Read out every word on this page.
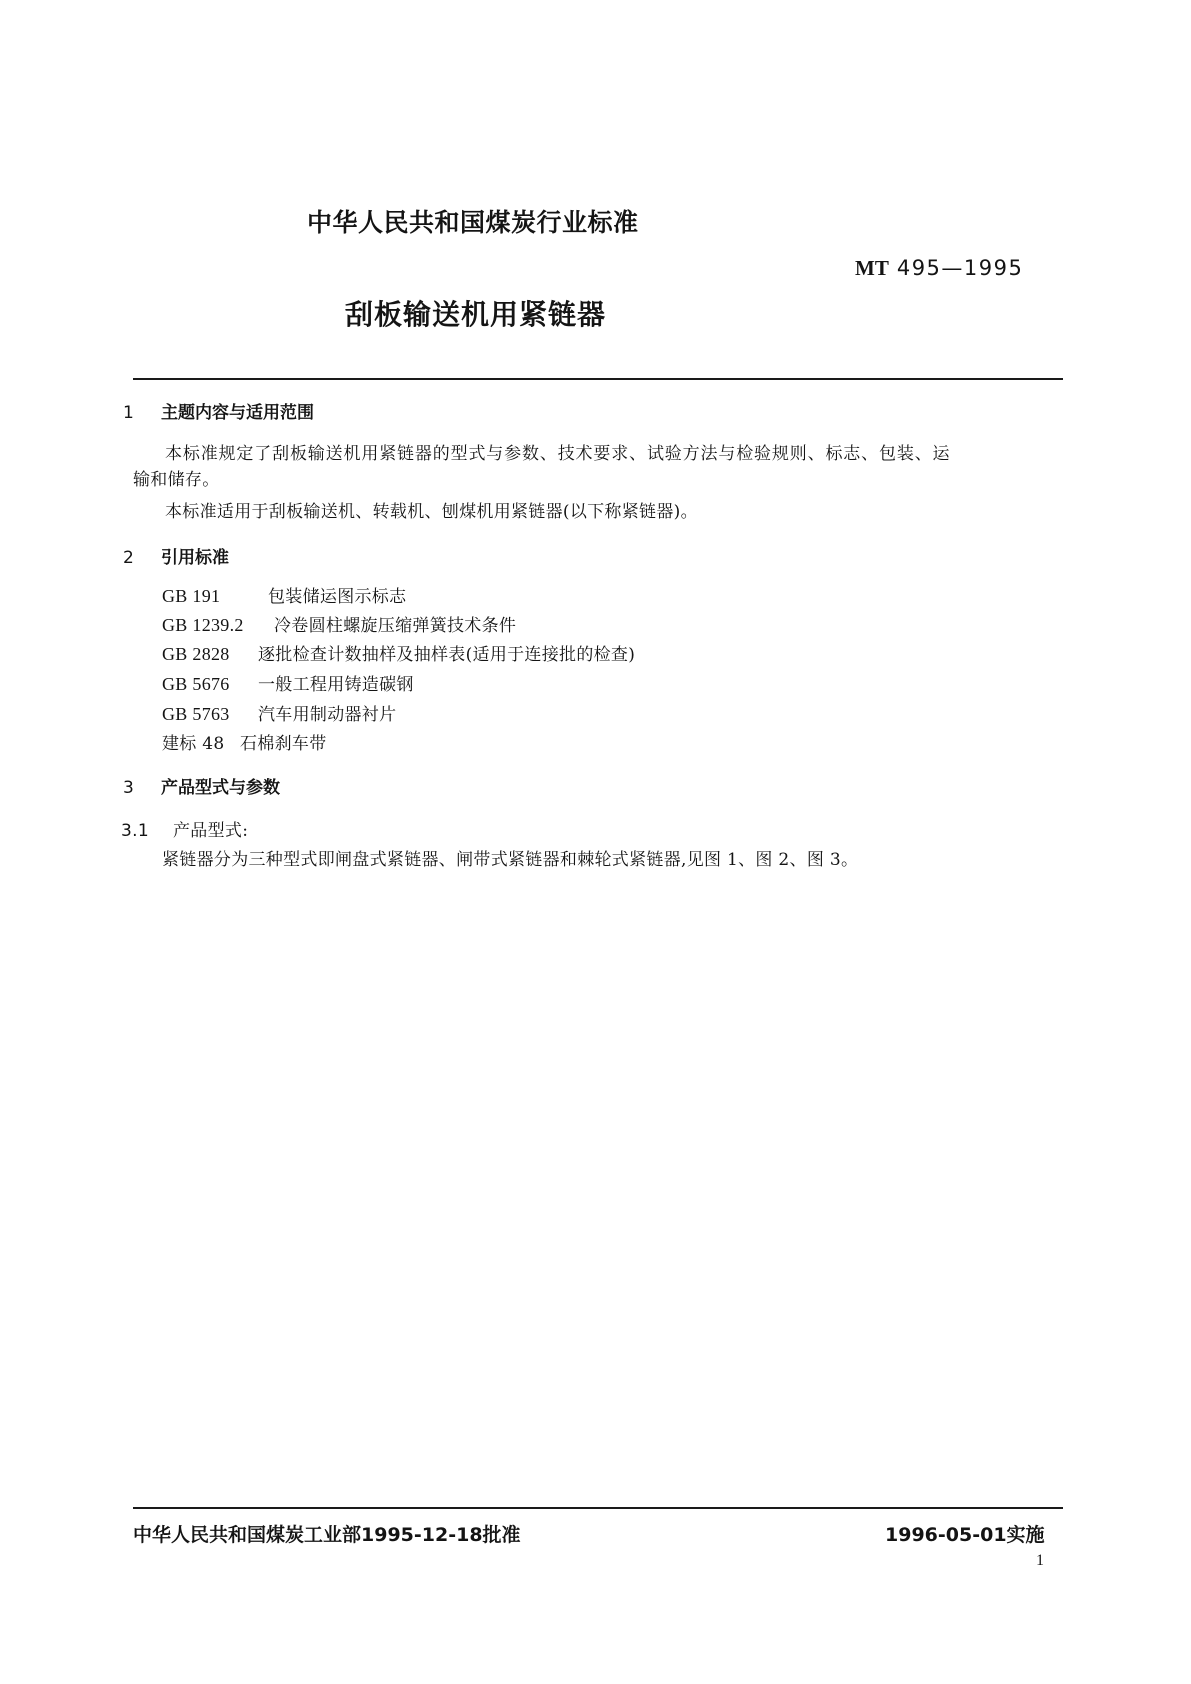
中华人民共和国煤炭行业标准
MT 495—1995
刮板输送机用紧链器
1 主题内容与适用范围
本标准规定了刮板输送机用紧链器的型式与参数、技术要求、试验方法与检验规则、标志、包装、运
输和储存。
本标准适用于刮板输送机、转载机、刨煤机用紧链器(以下称紧链器)。
2 引用标准
GB 191	包装储运图示标志
GB 1239.2 冷卷圆柱螺旋压缩弹簧技术条件
GB 2828 逐批检查计数抽样及抽样表(适用于连接批的检查)
GB 5676 一般工程用铸造碳钢
GB 5763 汽车用制动器衬片
建标 48 石棉刹车带
3 产品型式与参数
3.1 产品型式:
紧链器分为三种型式即闸盘式紧链器、闸带式紧链器和棘轮式紧链器,见图 1、图 2、图 3。
中华人民共和国煤炭工业部1995-12-18批准	1996-05-01实施
1
